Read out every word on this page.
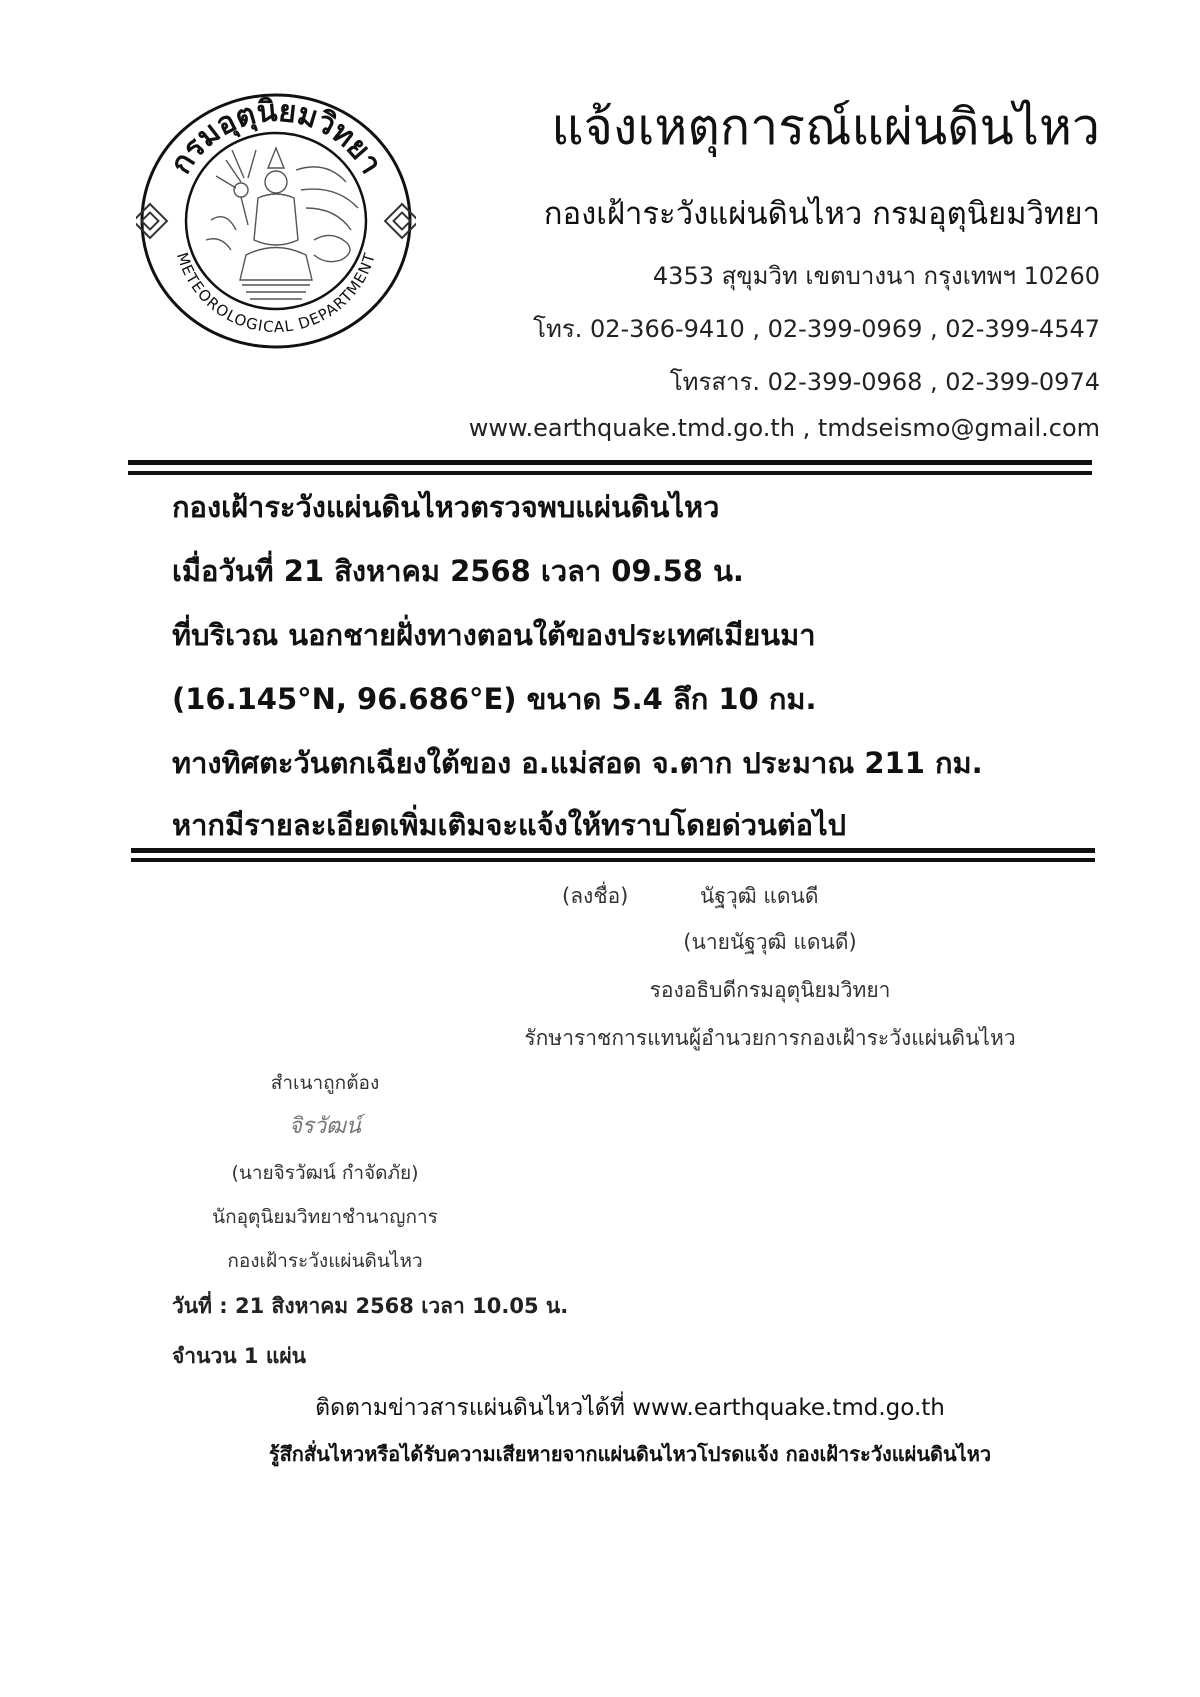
กรมอุตุนิยมวิทยา
METEOROLOGICAL DEPARTMENT
แจ้งเหตุการณ์แผ่นดินไหว
กองเฝ้าระวังแผ่นดินไหว กรมอุตุนิยมวิทยา
4353 สุขุมวิท เขตบางนา กรุงเทพฯ 10260
โทร. 02-366-9410 , 02-399-0969 , 02-399-4547
โทรสาร. 02-399-0968 , 02-399-0974
www.earthquake.tmd.go.th , tmdseismo@gmail.com
กองเฝ้าระวังแผ่นดินไหวตรวจพบแผ่นดินไหว
เมื่อวันที่ 21 สิงหาคม 2568 เวลา 09.58 น.
ที่บริเวณ นอกชายฝั่งทางตอนใต้ของประเทศเมียนมา
(16.145°N, 96.686°E) ขนาด 5.4 ลึก 10 กม.
ทางทิศตะวันตกเฉียงใต้ของ อ.แม่สอด จ.ตาก ประมาณ 211 กม.
หากมีรายละเอียดเพิ่มเติมจะแจ้งให้ทราบโดยด่วนต่อไป
(ลงชื่อ)	นัฐวุฒิ แดนดี
(นายนัฐวุฒิ แดนดี)
รองอธิบดีกรมอุตุนิยมวิทยา
รักษาราชการแทนผู้อำนวยการกองเฝ้าระวังแผ่นดินไหว
สำเนาถูกต้อง
จิรวัฒน์
(นายจิรวัฒน์ กำจัดภัย)
นักอุตุนิยมวิทยาชำนาญการ
กองเฝ้าระวังแผ่นดินไหว
วันที่ : 21 สิงหาคม 2568 เวลา 10.05 น.
จำนวน 1 แผ่น
ติดตามข่าวสารแผ่นดินไหวได้ที่ www.earthquake.tmd.go.th
รู้สึกสั่นไหวหรือได้รับความเสียหายจากแผ่นดินไหวโปรดแจ้ง กองเฝ้าระวังแผ่นดินไหว
